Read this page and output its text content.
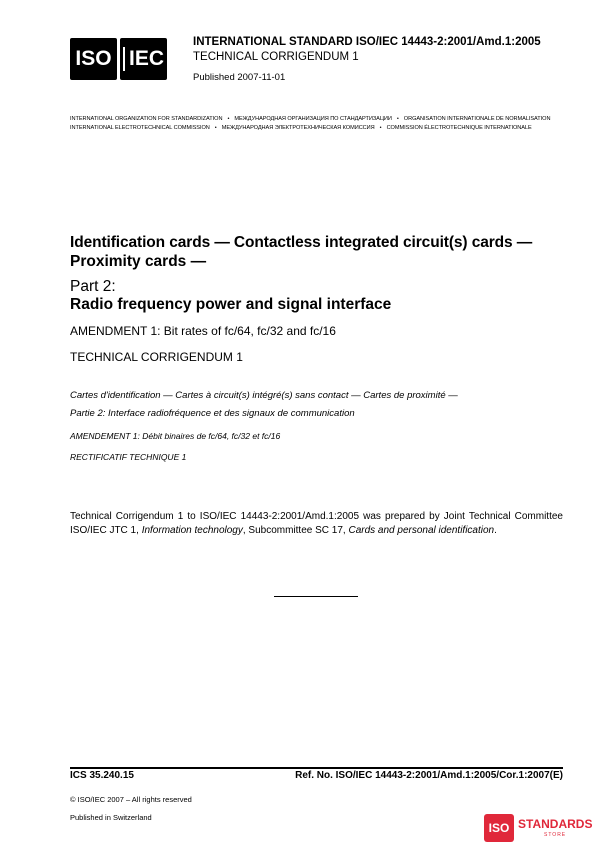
ISO IEC
INTERNATIONAL STANDARD ISO/IEC 14443-2:2001/Amd.1:2005
TECHNICAL CORRIGENDUM 1
Published 2007-11-01
INTERNATIONAL ORGANIZATION FOR STANDARDIZATION • МЕЖДУНАРОДНАЯ ОРГАНИЗАЦИЯ ПО СТАНДАРТИЗАЦИИ • ORGANISATION INTERNATIONALE DE NORMALISATION
INTERNATIONAL ELECTROTECHNICAL COMMISSION • МЕЖДУНАРОДНАЯ ЭЛЕКТРОТЕХНИЧЕСКАЯ КОМИССИЯ • COMMISSION ÉLECTROTECHNIQUE INTERNATIONALE
Identification cards — Contactless integrated circuit(s) cards —
Proximity cards —
Part 2:
Radio frequency power and signal interface
AMENDMENT 1: Bit rates of fc/64, fc/32 and fc/16
TECHNICAL CORRIGENDUM 1
Cartes d'identification — Cartes à circuit(s) intégré(s) sans contact — Cartes de proximité —
Partie 2: Interface radiofréquence et des signaux de communication
AMENDEMENT 1: Débit binaires de fc/64, fc/32 et fc/16
RECTIFICATIF TECHNIQUE 1
Technical Corrigendum 1 to ISO/IEC 14443-2:2001/Amd.1:2005 was prepared by Joint Technical Committee ISO/IEC JTC 1, Information technology, Subcommittee SC 17, Cards and personal identification.
ICS 35.240.15	Ref. No. ISO/IEC 14443-2:2001/Amd.1:2005/Cor.1:2007(E)
© ISO/IEC 2007 – All rights reserved
Published in Switzerland
ISO STANDARDS
STORE
